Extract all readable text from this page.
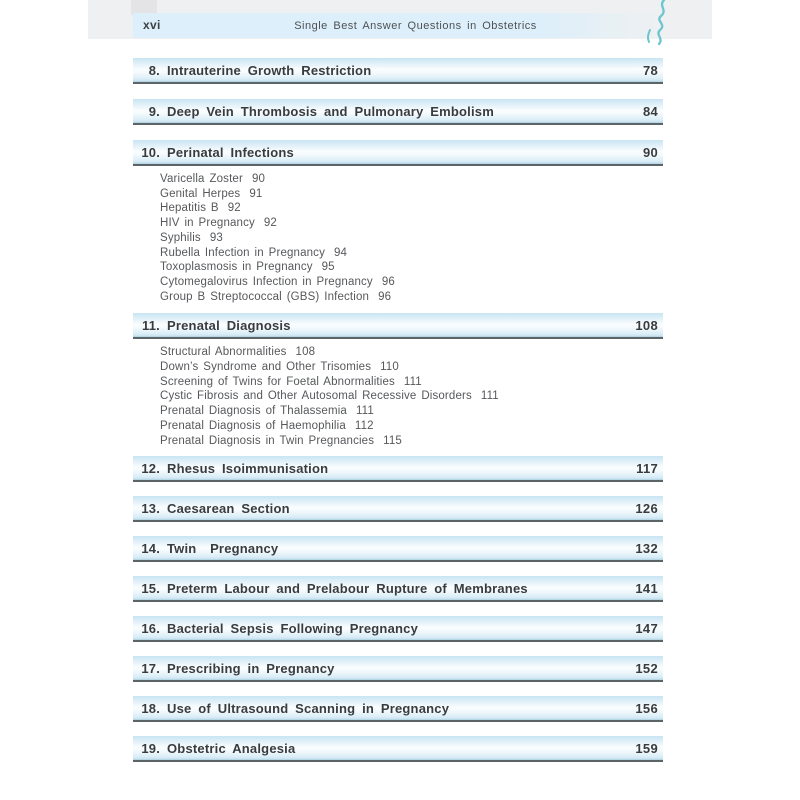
xvi	Single Best Answer Questions in Obstetrics
8. Intrauterine Growth Restriction	78
9. Deep Vein Thrombosis and Pulmonary Embolism	84
10. Perinatal Infections	90
Varicella Zoster 90
Genital Herpes 91
Hepatitis B 92
HIV in Pregnancy 92
Syphilis 93
Rubella Infection in Pregnancy 94
Toxoplasmosis in Pregnancy 95
Cytomegalovirus Infection in Pregnancy 96
Group B Streptococcal (GBS) Infection 96
11. Prenatal Diagnosis	108
Structural Abnormalities 108
Down’s Syndrome and Other Trisomies 110
Screening of Twins for Foetal Abnormalities 111
Cystic Fibrosis and Other Autosomal Recessive Disorders 111
Prenatal Diagnosis of Thalassemia 111
Prenatal Diagnosis of Haemophilia 112
Prenatal Diagnosis in Twin Pregnancies 115
12. Rhesus Isoimmunisation	117
13. Caesarean Section	126
14. Twin  Pregnancy	132
15. Preterm Labour and Prelabour Rupture of Membranes	141
16. Bacterial Sepsis Following Pregnancy	147
17. Prescribing in Pregnancy	152
18. Use of Ultrasound Scanning in Pregnancy	156
19. Obstetric Analgesia	159
